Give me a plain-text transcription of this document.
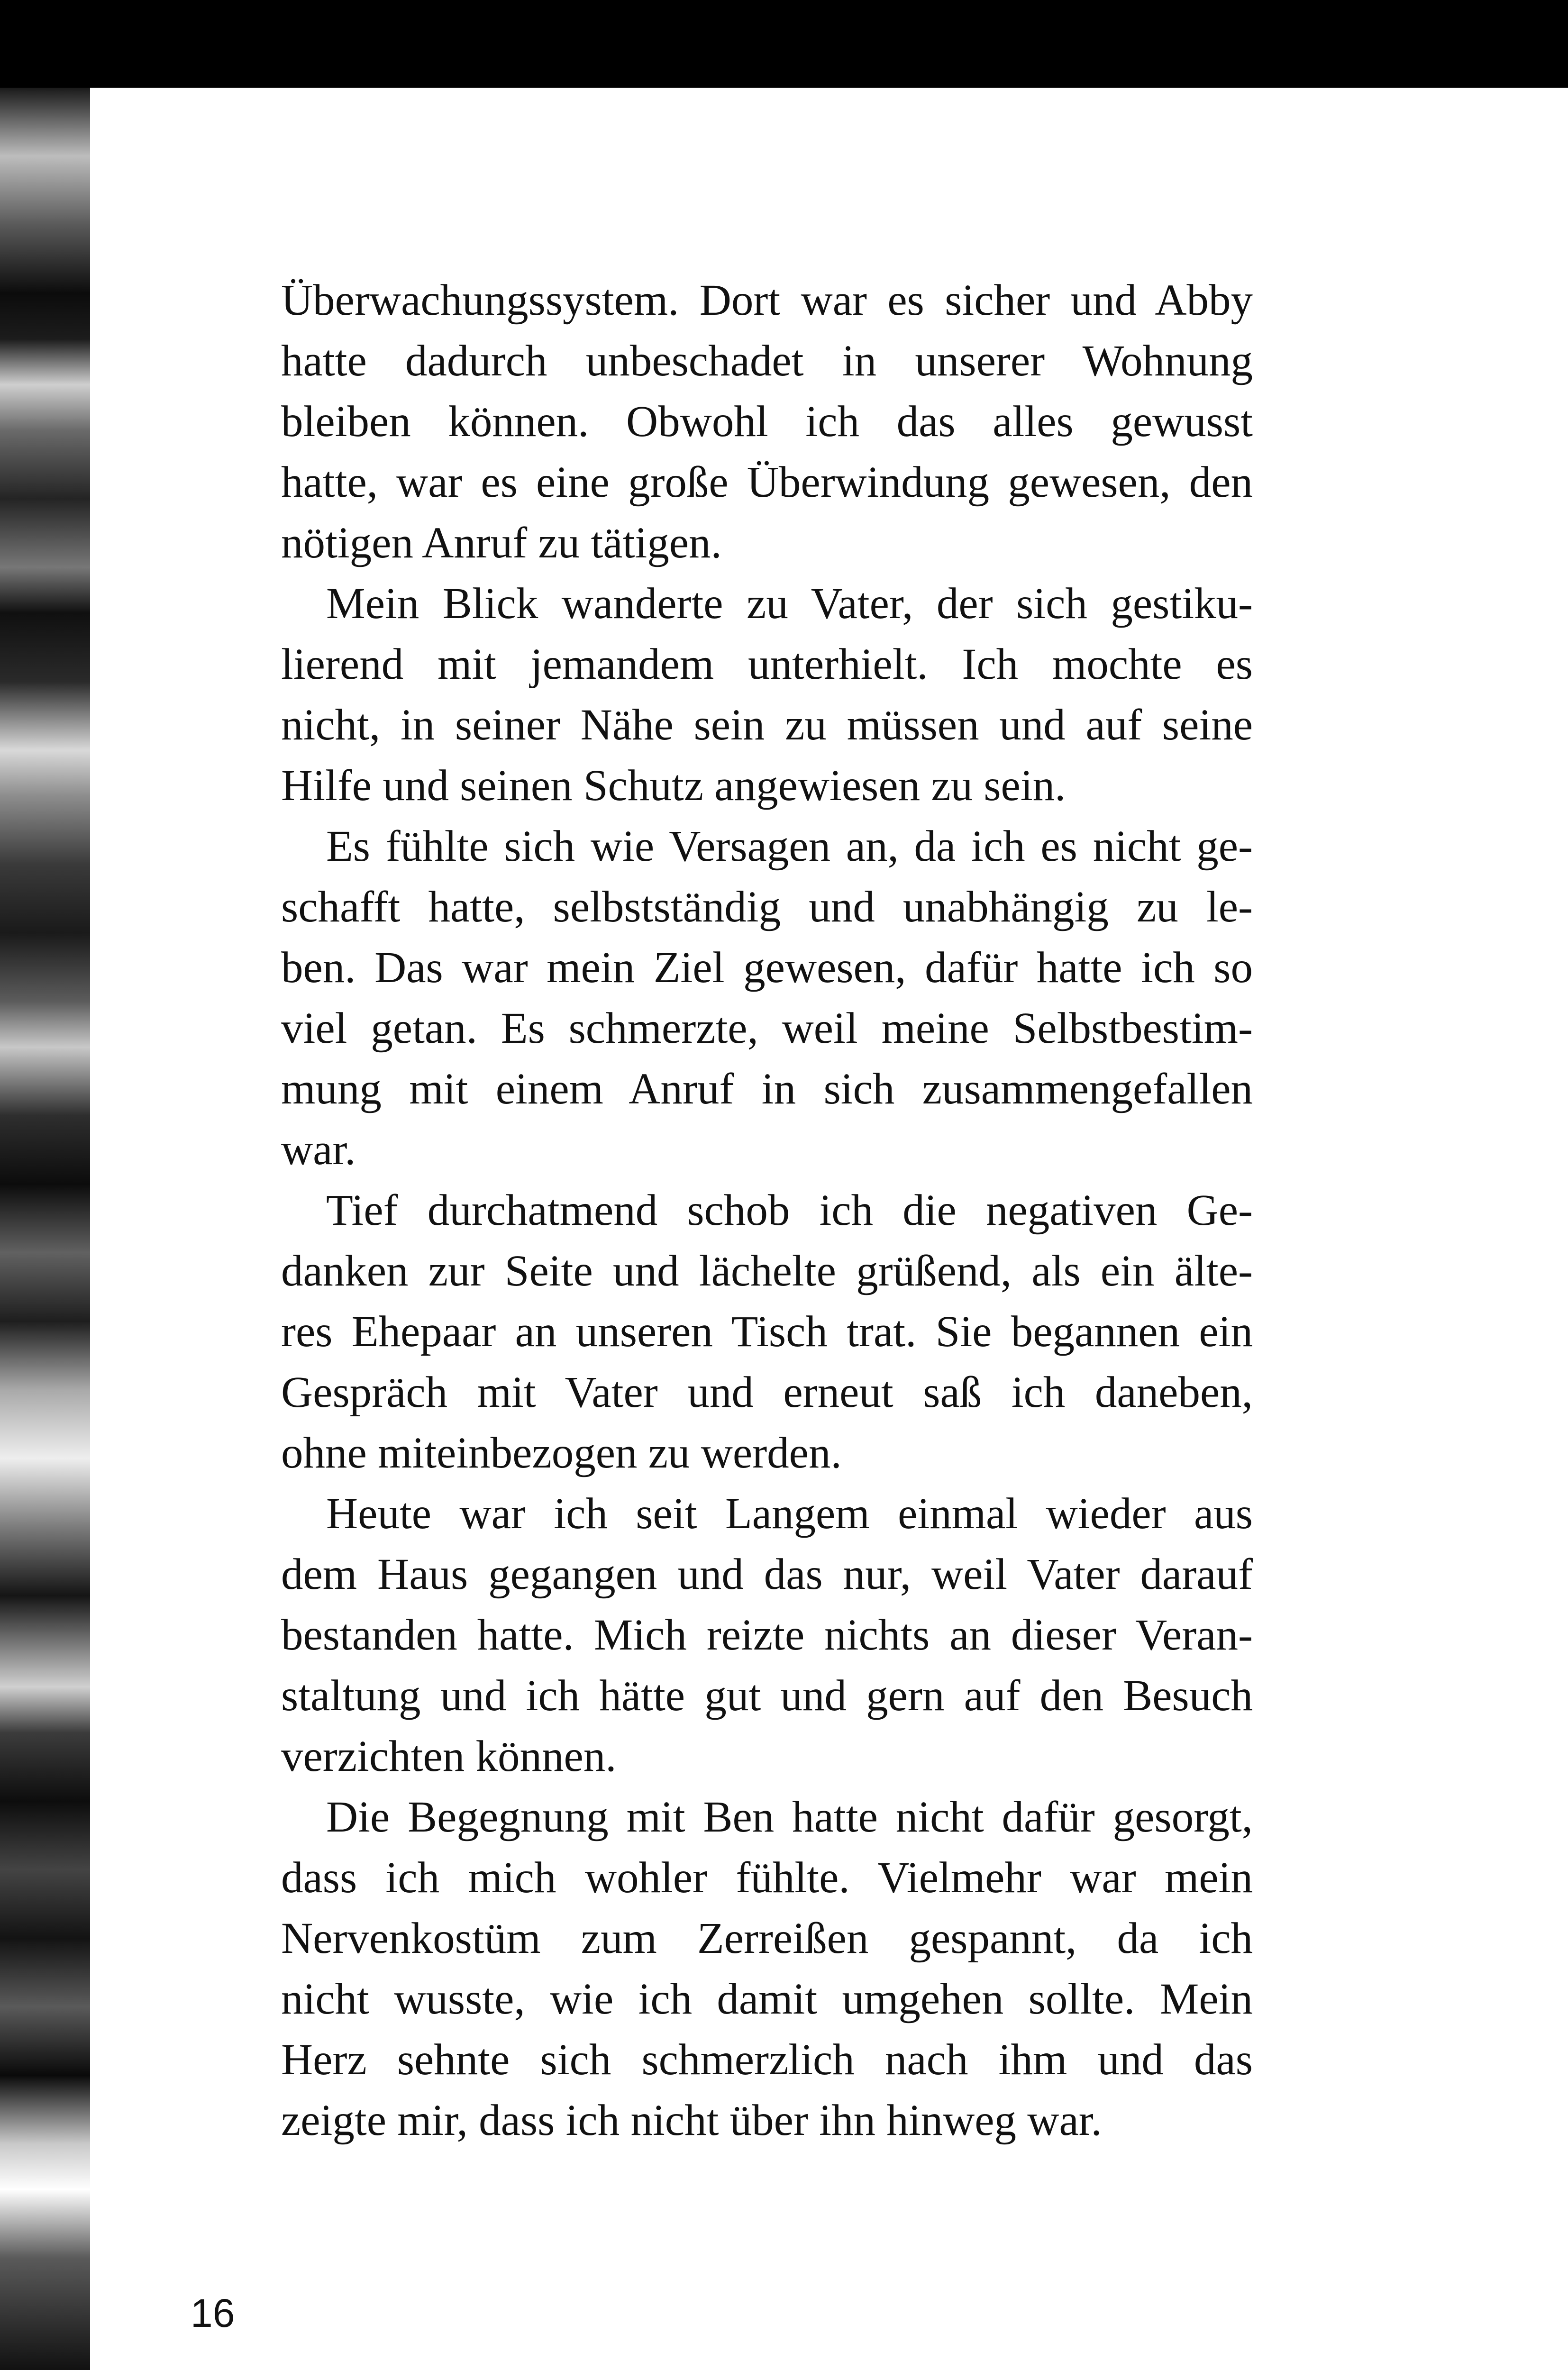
Überwachungssystem. Dort war es sicher und Abby
hatte dadurch unbeschadet in unserer Wohnung
bleiben können. Obwohl ich das alles gewusst
hatte, war es eine große Überwindung gewesen, den
nötigen Anruf zu tätigen.
Mein Blick wanderte zu Vater, der sich gestiku-
lierend mit jemandem unterhielt. Ich mochte es
nicht, in seiner Nähe sein zu müssen und auf seine
Hilfe und seinen Schutz angewiesen zu sein.
Es fühlte sich wie Versagen an, da ich es nicht ge-
schafft hatte, selbstständig und unabhängig zu le-
ben. Das war mein Ziel gewesen, dafür hatte ich so
viel getan. Es schmerzte, weil meine Selbstbestim-
mung mit einem Anruf in sich zusammengefallen
war.
Tief durchatmend schob ich die negativen Ge-
danken zur Seite und lächelte grüßend, als ein älte-
res Ehepaar an unseren Tisch trat. Sie begannen ein
Gespräch mit Vater und erneut saß ich daneben,
ohne miteinbezogen zu werden.
Heute war ich seit Langem einmal wieder aus
dem Haus gegangen und das nur, weil Vater darauf
bestanden hatte. Mich reizte nichts an dieser Veran-
staltung und ich hätte gut und gern auf den Besuch
verzichten können.
Die Begegnung mit Ben hatte nicht dafür gesorgt,
dass ich mich wohler fühlte. Vielmehr war mein
Nervenkostüm zum Zerreißen gespannt, da ich
nicht wusste, wie ich damit umgehen sollte. Mein
Herz sehnte sich schmerzlich nach ihm und das
zeigte mir, dass ich nicht über ihn hinweg war.
16
